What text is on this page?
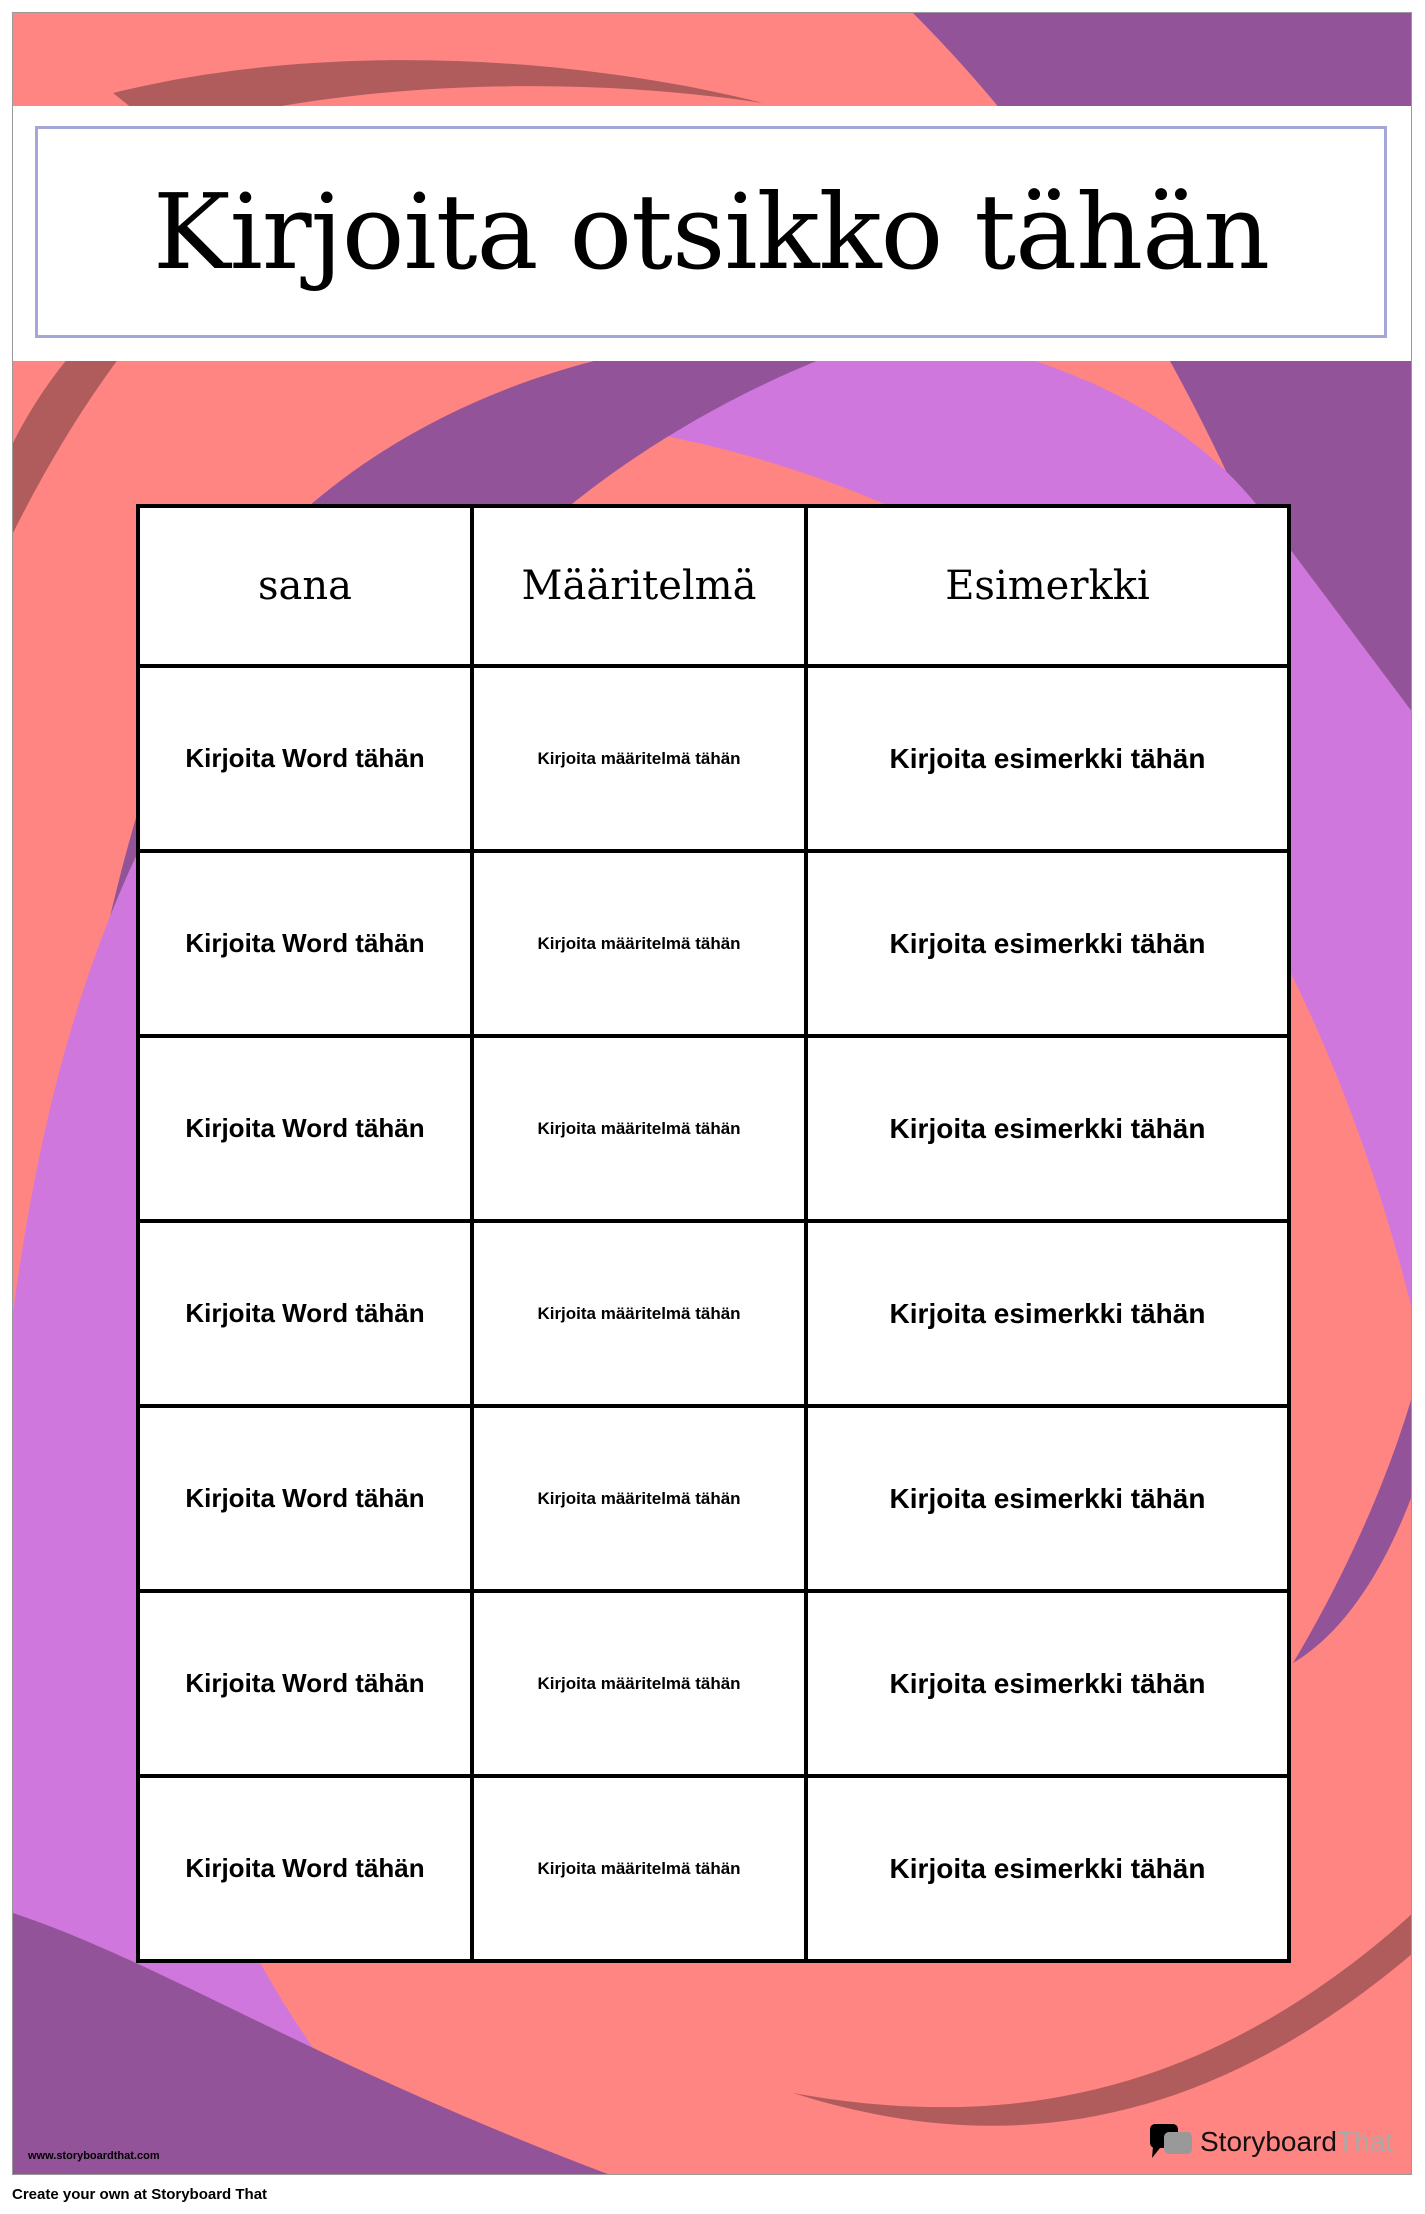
Kirjoita otsikko tähän
sana	Määritelmä	Esimerkki
Kirjoita Word tähän	Kirjoita määritelmä tähän	Kirjoita esimerkki tähän
Kirjoita Word tähän	Kirjoita määritelmä tähän	Kirjoita esimerkki tähän
Kirjoita Word tähän	Kirjoita määritelmä tähän	Kirjoita esimerkki tähän
Kirjoita Word tähän	Kirjoita määritelmä tähän	Kirjoita esimerkki tähän
Kirjoita Word tähän	Kirjoita määritelmä tähän	Kirjoita esimerkki tähän
Kirjoita Word tähän	Kirjoita määritelmä tähän	Kirjoita esimerkki tähän
Kirjoita Word tähän	Kirjoita määritelmä tähän	Kirjoita esimerkki tähän
www.storyboardthat.com	StoryboardThat
Create your own at Storyboard That
